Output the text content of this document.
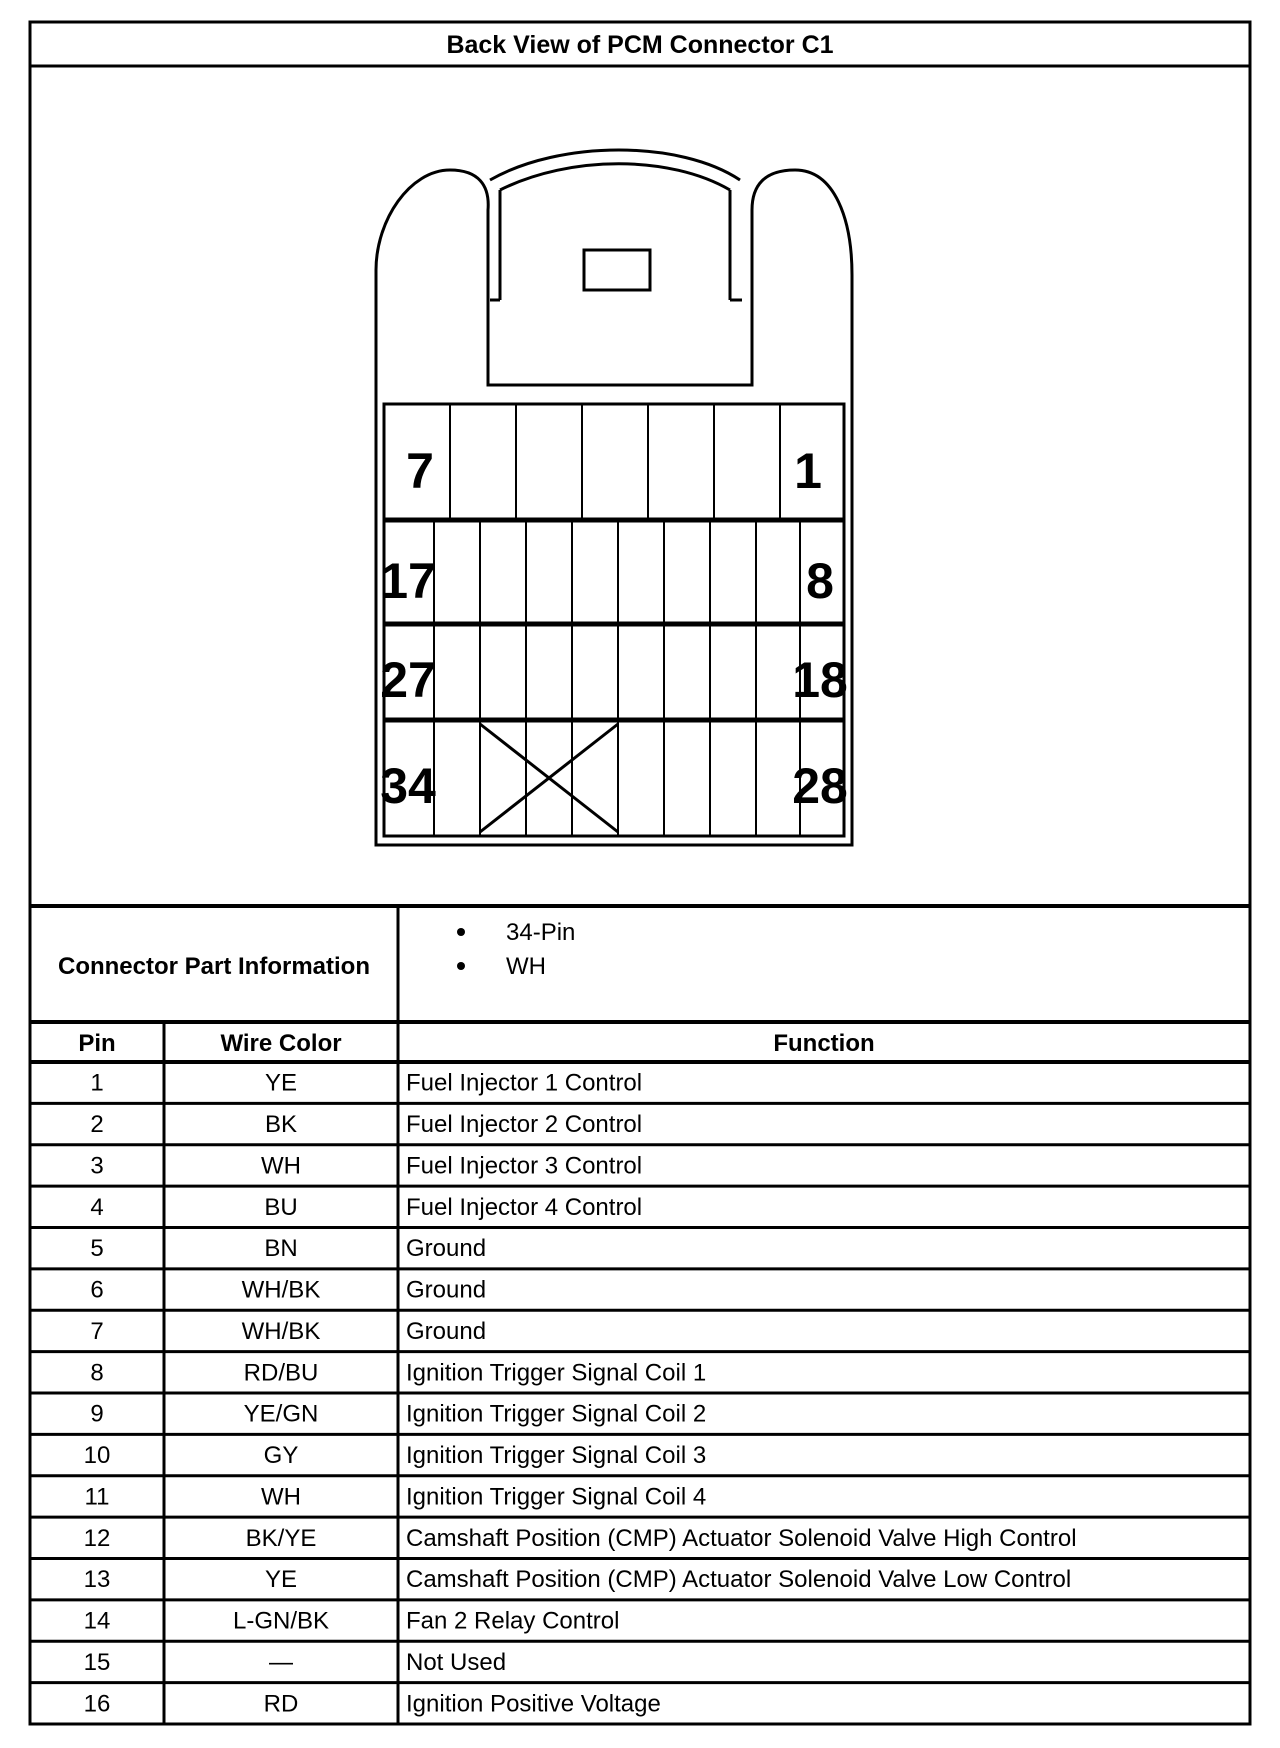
Back View of PCM Connector C1
7	1
17	8
27	18
34	28
Connector Part Information
34-Pin
WH
Pin	Wire Color	Function
1	YE	Fuel Injector 1 Control
2	BK	Fuel Injector 2 Control
3	WH	Fuel Injector 3 Control
4	BU	Fuel Injector 4 Control
5	BN	Ground
6	WH/BK	Ground
7	WH/BK	Ground
8	RD/BU	Ignition Trigger Signal Coil 1
9	YE/GN	Ignition Trigger Signal Coil 2
10	GY	Ignition Trigger Signal Coil 3
11	WH	Ignition Trigger Signal Coil 4
12	BK/YE	Camshaft Position (CMP) Actuator Solenoid Valve High Control
13	YE	Camshaft Position (CMP) Actuator Solenoid Valve Low Control
14	L-GN/BK	Fan 2 Relay Control
15	—	Not Used
16	RD	Ignition Positive Voltage
